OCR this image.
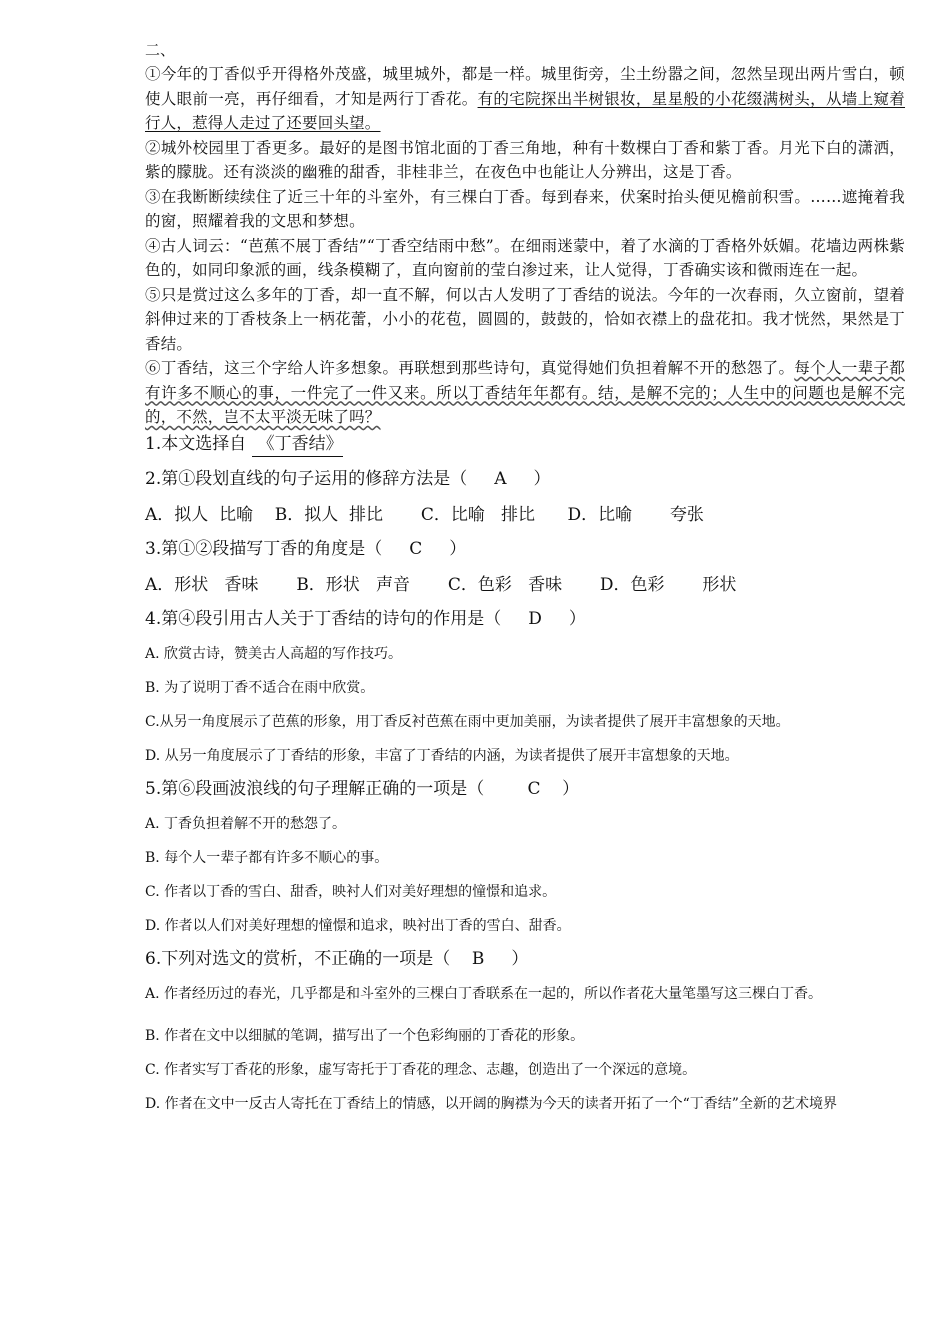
二、

①今年的丁香似乎开得格外茂盛，城里城外，都是一样。城里街旁，尘土纷嚣之间，忽然呈现出两片雪白，顿使人眼前一亮，再仔细看，才知是两行丁香花。有的宅院探出半树银妆，星星般的小花缀满树头，从墙上窥着行人，惹得人走过了还要回头望。

②城外校园里丁香更多。最好的是图书馆北面的丁香三角地，种有十数棵白丁香和紫丁香。月光下白的潇洒，紫的朦胧。还有淡淡的幽雅的甜香，非桂非兰，在夜色中也能让人分辨出，这是丁香。

③在我断断续续住了近三十年的斗室外，有三棵白丁香。每到春来，伏案时抬头便见檐前积雪。……遮掩着我的窗，照耀着我的文思和梦想。

④古人词云：“芭蕉不展丁香结”“丁香空结雨中愁”。在细雨迷蒙中，着了水滴的丁香格外妖媚。花墙边两株紫色的，如同印象派的画，线条模糊了，直向窗前的莹白渗过来，让人觉得，丁香确实该和微雨连在一起。

⑤只是赏过这么多年的丁香，却一直不解，何以古人发明了丁香结的说法。今年的一次春雨，久立窗前，望着斜伸过来的丁香枝条上一柄花蕾，小小的花苞，圆圆的，鼓鼓的，恰如衣襟上的盘花扣。我才恍然，果然是丁香结。

⑥丁香结，这三个字给人许多想象。再联想到那些诗句，真觉得她们负担着解不开的愁怨了。每个人一辈子都有许多不顺心的事，一件完了一件又来。所以丁香结年年都有。结，是解不完的；人生中的问题也是解不完的，不然，岂不太平淡无味了吗？

1.本文选择自 《丁香结》
2.第①段划直线的句子运用的修辞方法是（     A     ）
A．拟人  比喻    B．拟人  排比       C．比喻   排比      D．比喻       夸张
3.第①②段描写丁香的角度是（     C     ）
A．形状   香味       B．形状   声音       C．色彩   香味       D．色彩       形状
4.第④段引用古人关于丁香结的诗句的作用是（     D     ）
A. 欣赏古诗，赞美古人高超的写作技巧。
B. 为了说明丁香不适合在雨中欣赏。
C.从另一角度展示了芭蕉的形象，用丁香反衬芭蕉在雨中更加美丽，为读者提供了展开丰富想象的天地。
D. 从另一角度展示了丁香结的形象，丰富了丁香结的内涵，为读者提供了展开丰富想象的天地。
5.第⑥段画波浪线的句子理解正确的一项是（        C    ）
A. 丁香负担着解不开的愁怨了。
B. 每个人一辈子都有许多不顺心的事。
C. 作者以丁香的雪白、甜香，映衬人们对美好理想的憧憬和追求。
D. 作者以人们对美好理想的憧憬和追求，映衬出丁香的雪白、甜香。
6.下列对选文的赏析，不正确的一项是（    B     ）
A. 作者经历过的春光，几乎都是和斗室外的三棵白丁香联系在一起的，所以作者花大量笔墨写这三棵白丁香。
B. 作者在文中以细腻的笔调，描写出了一个色彩绚丽的丁香花的形象。
C. 作者实写丁香花的形象，虚写寄托于丁香花的理念、志趣，创造出了一个深远的意境。
D. 作者在文中一反古人寄托在丁香结上的情感，以开阔的胸襟为今天的读者开拓了一个“丁香结”全新的艺术境界
